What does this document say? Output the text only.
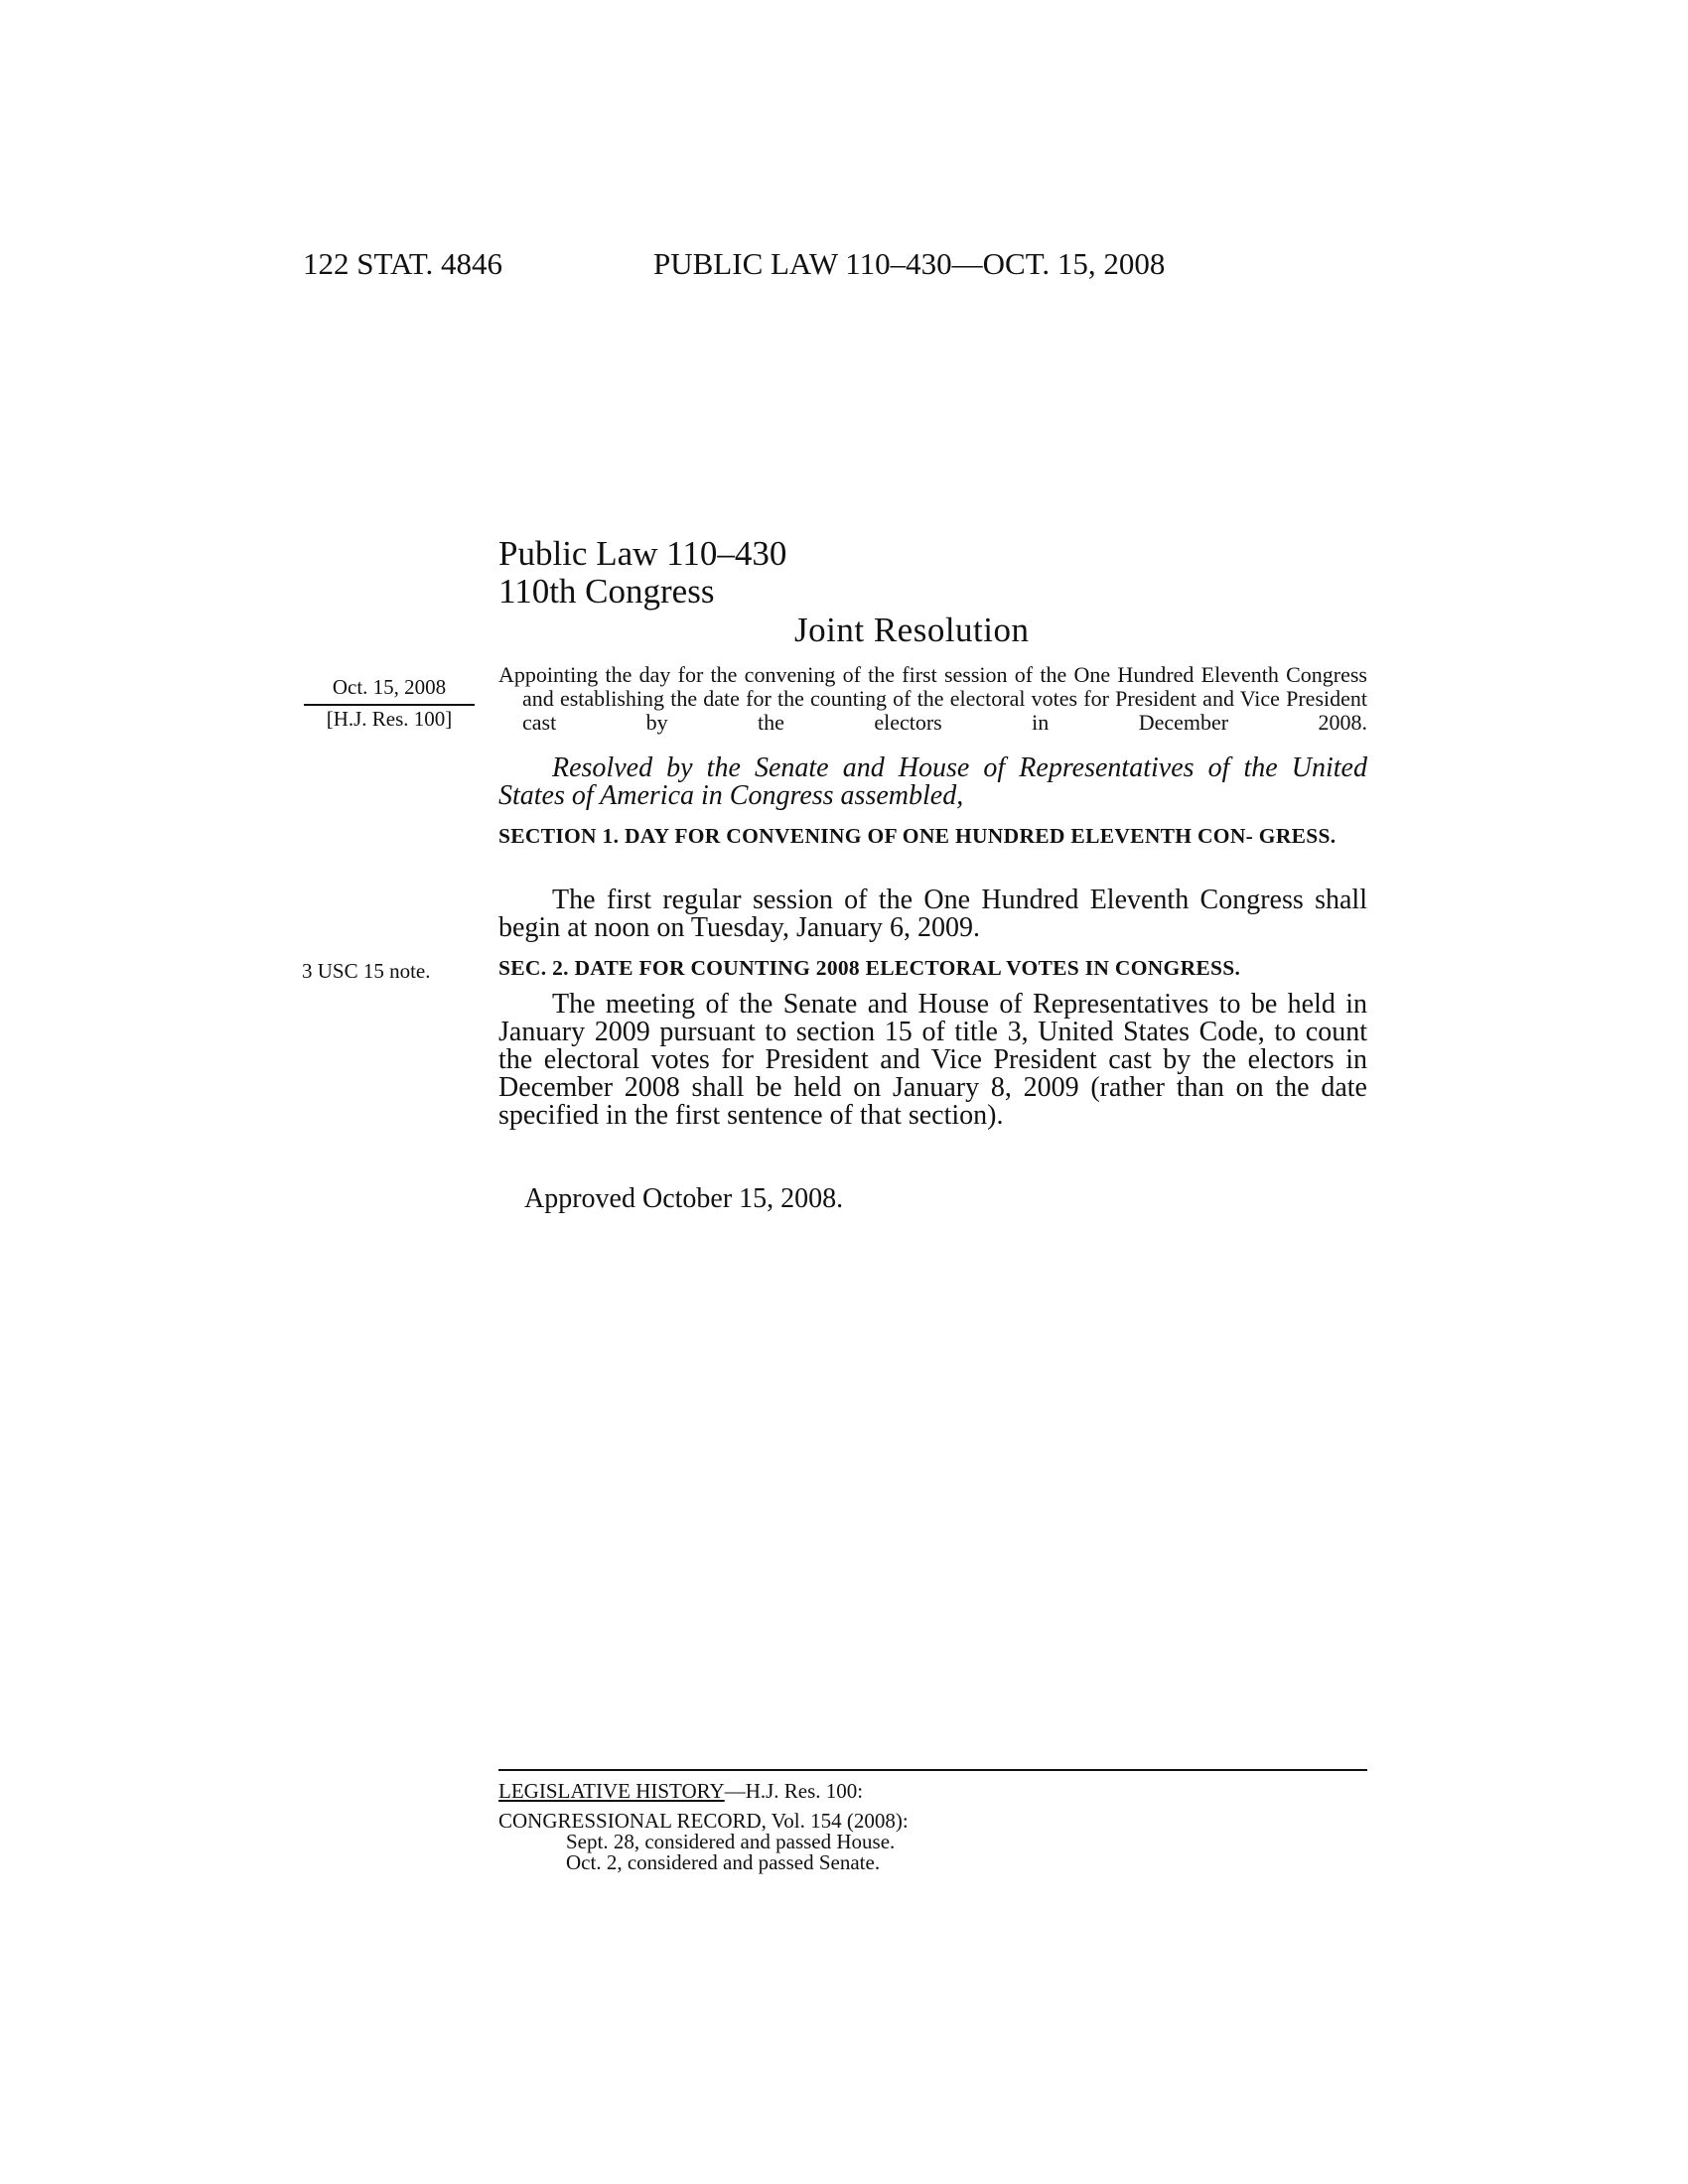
122 STAT. 4846	PUBLIC LAW 110–430—OCT. 15, 2008
Public Law 110–430
110th Congress
Joint Resolution
Oct. 15, 2008
[H.J. Res. 100]
Appointing the day for the convening of the first session of the One Hundred Eleventh Congress and establishing the date for the counting of the electoral votes for President and Vice President cast by the electors in December 2008.
Resolved by the Senate and House of Representatives of the United States of America in Congress assembled,
SECTION 1. DAY FOR CONVENING OF ONE HUNDRED ELEVENTH CON- GRESS.
The first regular session of the One Hundred Eleventh Congress shall begin at noon on Tuesday, January 6, 2009.
3 USC 15 note.	SEC. 2. DATE FOR COUNTING 2008 ELECTORAL VOTES IN CONGRESS.
The meeting of the Senate and House of Representatives to be held in January 2009 pursuant to section 15 of title 3, United States Code, to count the electoral votes for President and Vice President cast by the electors in December 2008 shall be held on January 8, 2009 (rather than on the date specified in the first sentence of that section).
Approved October 15, 2008.
LEGISLATIVE HISTORY—H.J. Res. 100:
CONGRESSIONAL RECORD, Vol. 154 (2008):
Sept. 28, considered and passed House.
Oct. 2, considered and passed Senate.
